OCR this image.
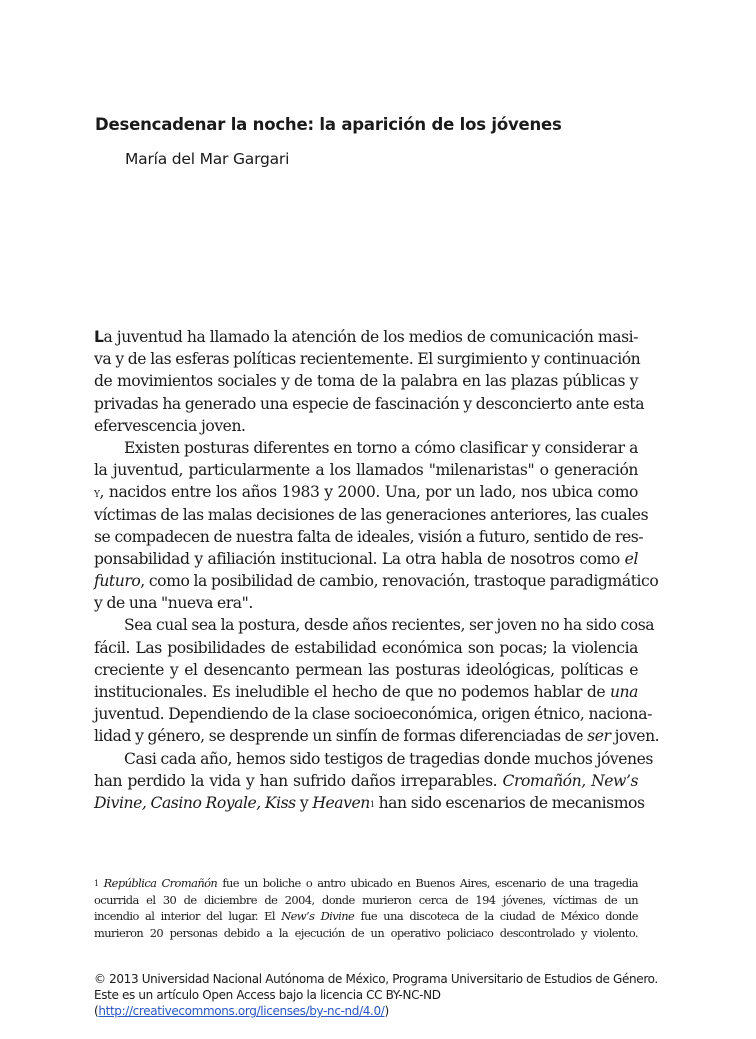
Desencadenar la noche: la aparición de los jóvenes
María del Mar Gargari
La juventud ha llamado la atención de los medios de comunicación masi-
va y de las esferas políticas recientemente. El surgimiento y continuación
de movimientos sociales y de toma de la palabra en las plazas públicas y
privadas ha generado una especie de fascinación y desconcierto ante esta
efervescencia joven.
Existen posturas diferentes en torno a cómo clasificar y considerar a
la juventud, particularmente a los llamados "milenaristas" o generación
y, nacidos entre los años 1983 y 2000. Una, por un lado, nos ubica como
víctimas de las malas decisiones de las generaciones anteriores, las cuales
se compadecen de nuestra falta de ideales, visión a futuro, sentido de res-
ponsabilidad y afiliación institucional. La otra habla de nosotros como el
futuro, como la posibilidad de cambio, renovación, trastoque paradigmático
y de una "nueva era".
Sea cual sea la postura, desde años recientes, ser joven no ha sido cosa
fácil. Las posibilidades de estabilidad económica son pocas; la violencia
creciente y el desencanto permean las posturas ideológicas, políticas e
institucionales. Es ineludible el hecho de que no podemos hablar de una
juventud. Dependiendo de la clase socioeconómica, origen étnico, naciona-
lidad y género, se desprende un sinfín de formas diferenciadas de ser joven.
Casi cada año, hemos sido testigos de tragedias donde muchos jóvenes
han perdido la vida y han sufrido daños irreparables. Cromañón, New’s
Divine, Casino Royale, Kiss y Heaven$^1$ han sido escenarios de mecanismos
$^1$ República Cromañón fue un boliche o antro ubicado en Buenos Aires, escenario de una tragedia
ocurrida el 30 de diciembre de 2004, donde murieron cerca de 194 jóvenes, víctimas de un
incendio al interior del lugar. El New’s Divine fue una discoteca de la ciudad de México donde
murieron 20 personas debido a la ejecución de un operativo policiaco descontrolado y violento.
© 2013 Universidad Nacional Autónoma de México, Programa Universitario de Estudios de Género.
Este es un artículo Open Access bajo la licencia CC BY-NC-ND
(http://creativecommons.org/licenses/by-nc-nd/4.0/)
